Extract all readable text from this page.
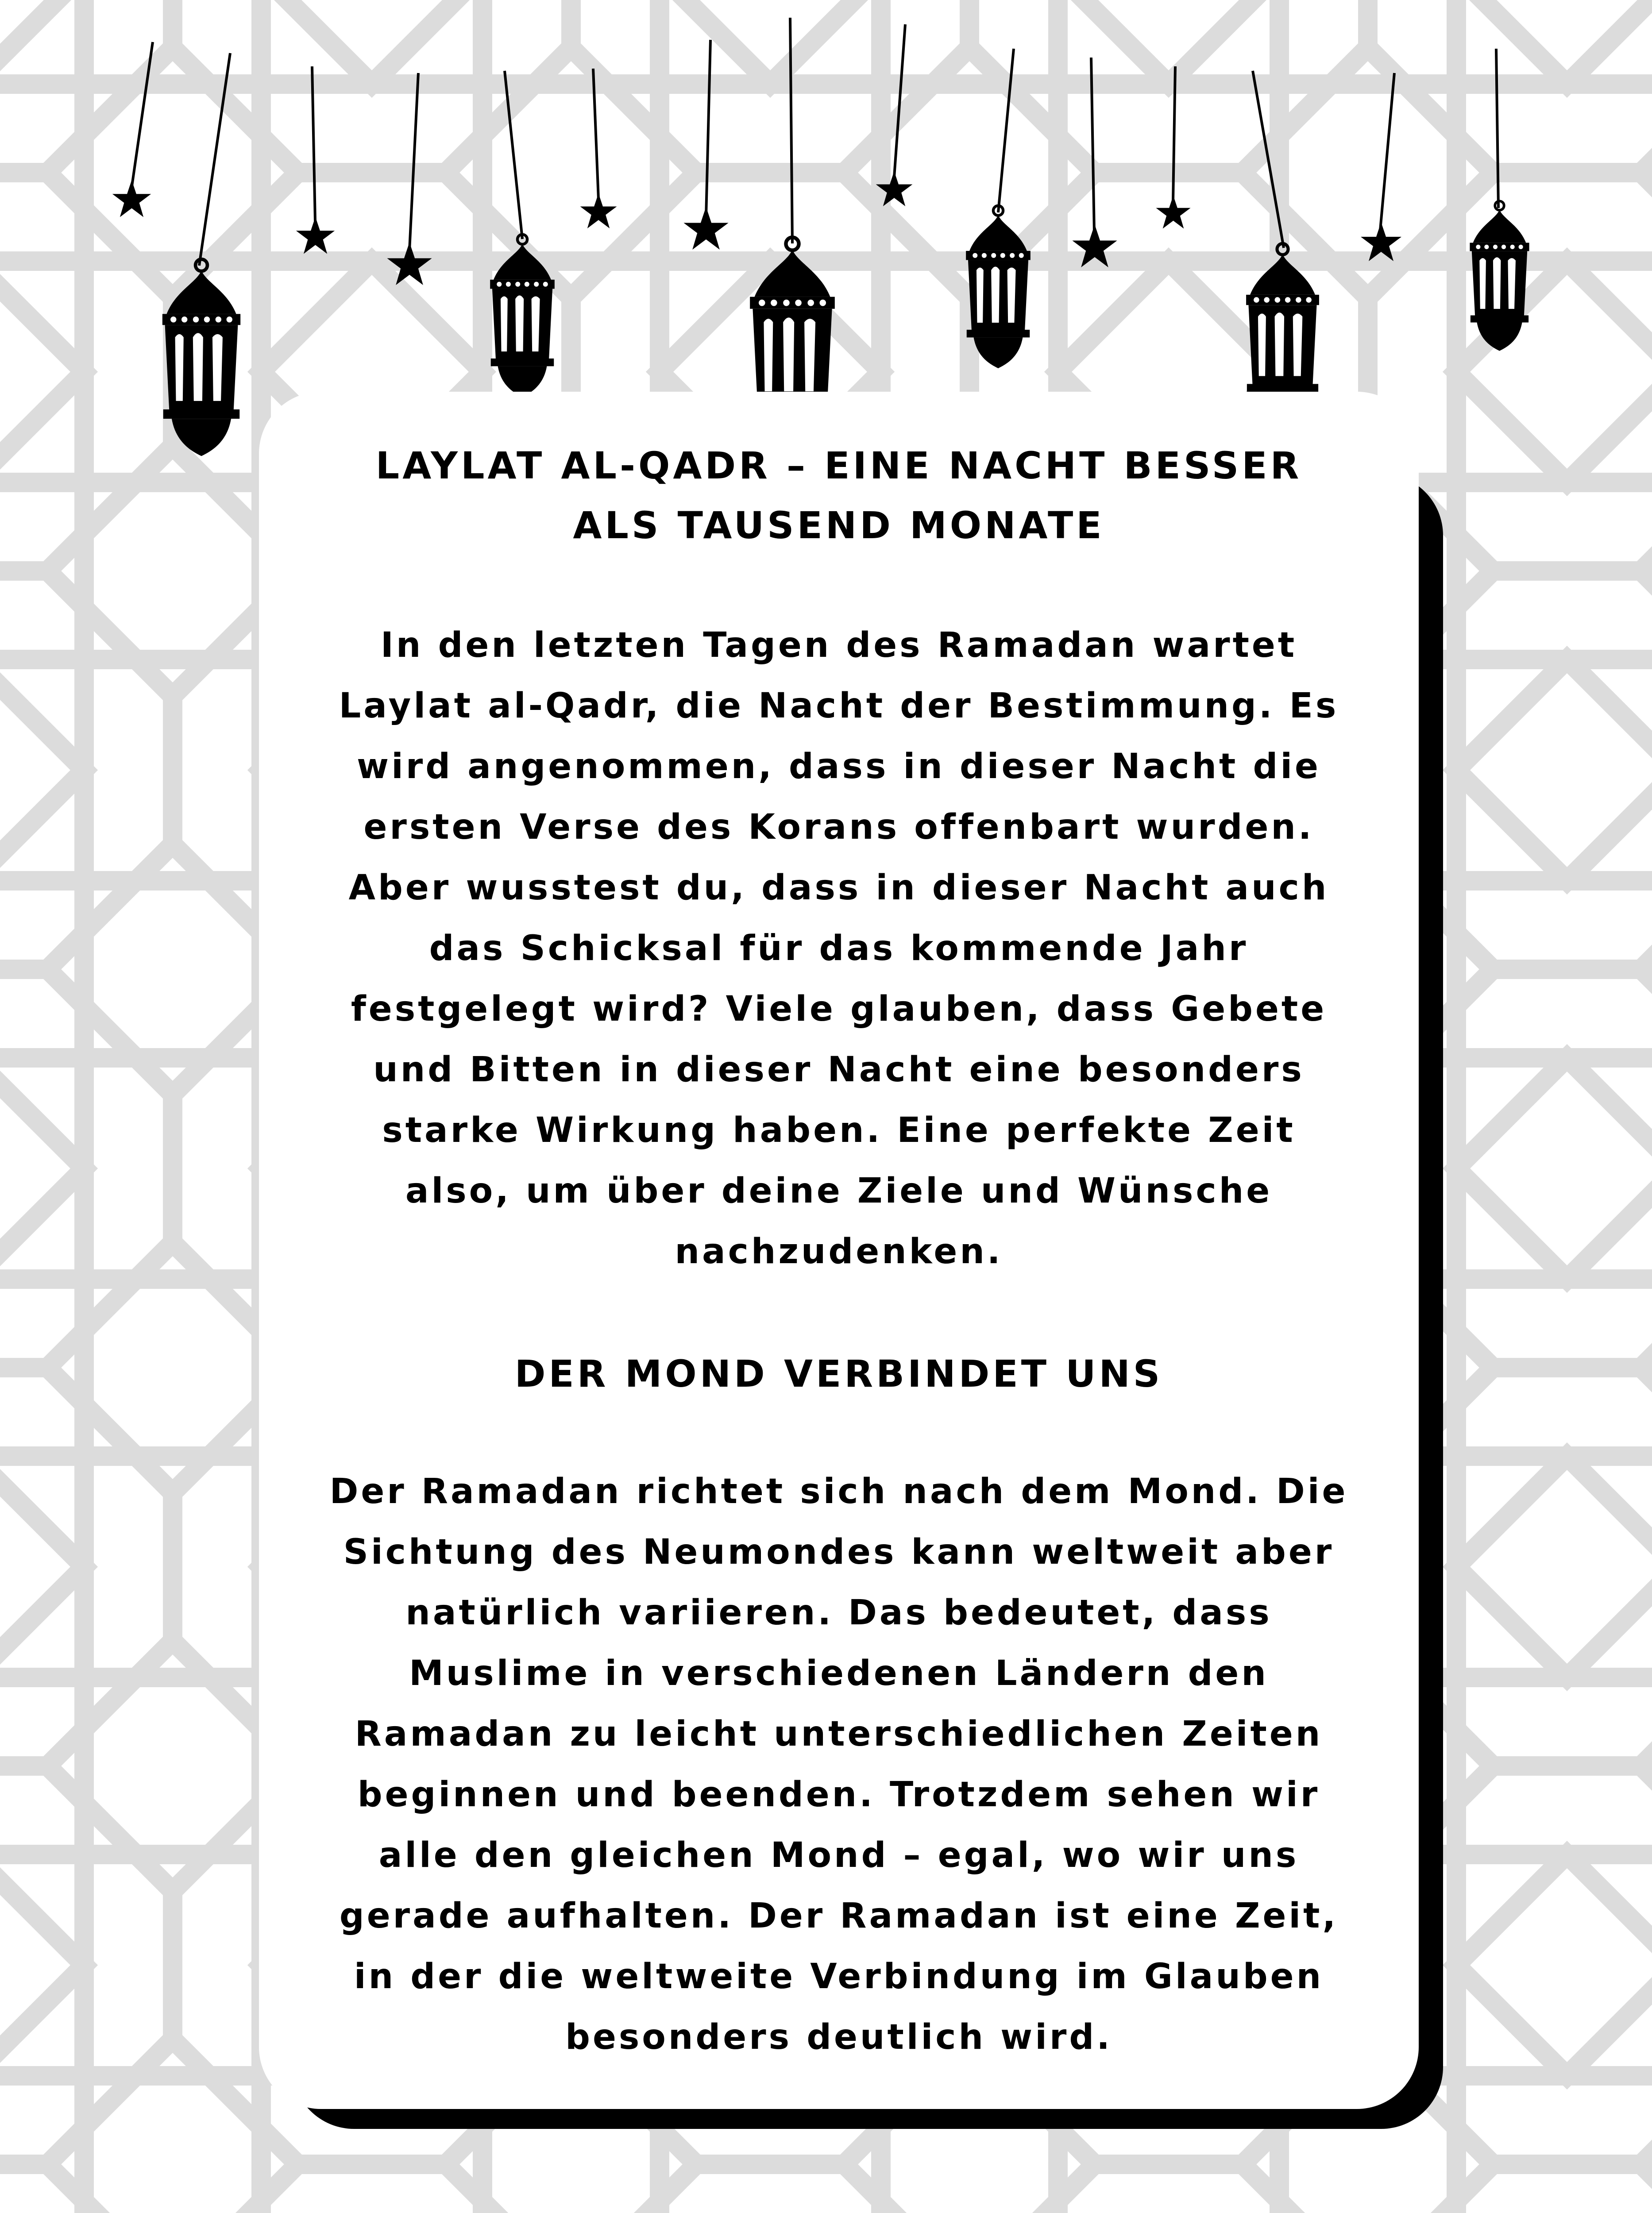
LAYLAT AL-QADR – EINE NACHT BESSER

ALS TAUSEND MONATE

In den letzten Tagen des Ramadan wartet

Laylat al-Qadr, die Nacht der Bestimmung. Es

wird angenommen, dass in dieser Nacht die

ersten Verse des Korans offenbart wurden.

Aber wusstest du, dass in dieser Nacht auch

das Schicksal für das kommende Jahr

festgelegt wird? Viele glauben, dass Gebete

und Bitten in dieser Nacht eine besonders

starke Wirkung haben. Eine perfekte Zeit

also, um über deine Ziele und Wünsche

nachzudenken.

DER MOND VERBINDET UNS

Der Ramadan richtet sich nach dem Mond. Die

Sichtung des Neumondes kann weltweit aber

natürlich variieren. Das bedeutet, dass

Muslime in verschiedenen Ländern den

Ramadan zu leicht unterschiedlichen Zeiten

beginnen und beenden. Trotzdem sehen wir

alle den gleichen Mond – egal, wo wir uns

gerade aufhalten. Der Ramadan ist eine Zeit,

in der die weltweite Verbindung im Glauben

besonders deutlich wird.
